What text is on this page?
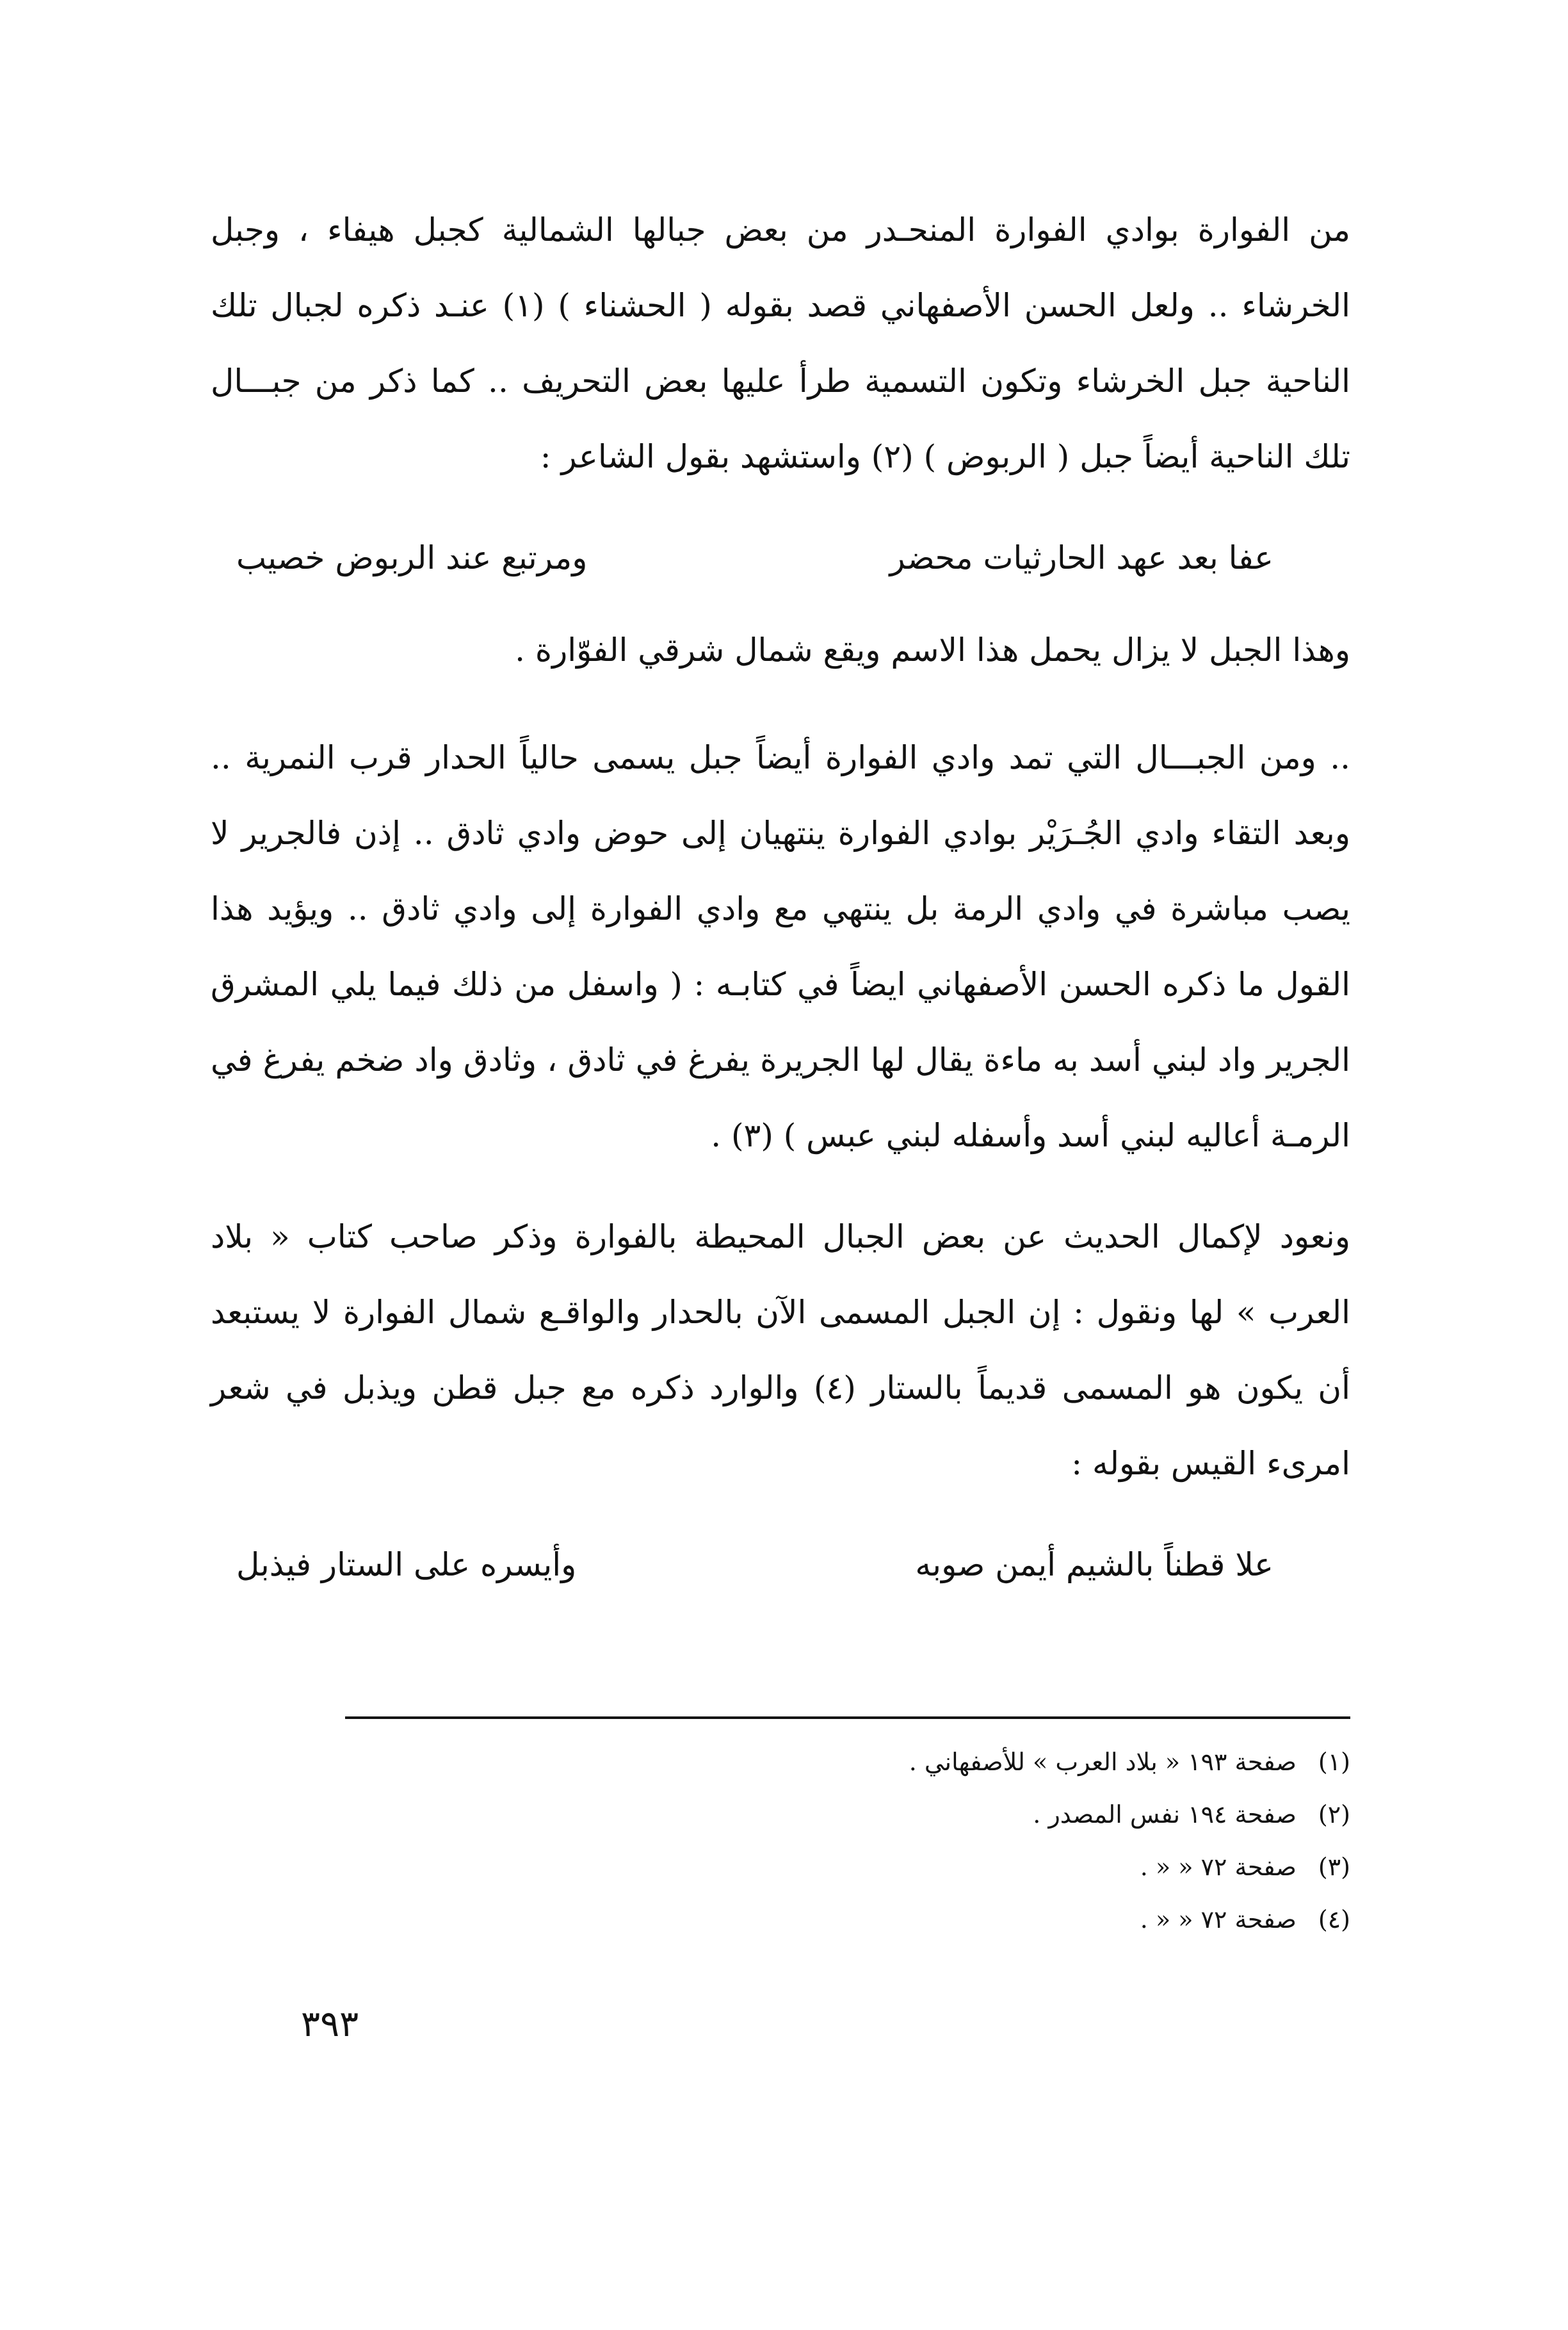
من الفوارة بوادي الفوارة المنحـدر من بعض جبالها الشمالية كجبل هيفاء ، وجبل الخرشاء .. ولعل الحسن الأصفهاني قصد بقوله ( الحشناء ) (١) عنـد ذكره لجبال تلك الناحية جبل الخرشاء وتكون التسمية طرأ عليها بعض التحريف .. كما ذكر من جبـــال تلك الناحية أيضاً جبل ( الربوض ) (٢) واستشهد بقول الشاعر :

عفا بعد عهد الحارثيات محضر
ومرتبع عند الربوض خصيب

وهذا الجبل لا يزال يحمل هذا الاسم ويقع شمال شرقي الفوّارة .

.. ومن الجبـــال التي تمد وادي الفوارة أيضاً جبل يسمى حالياً الحدار قرب النمرية .. وبعد التقاء وادي الجُـرَيْر بوادي الفوارة ينتهيان إلى حوض وادي ثادق .. إذن فالجرير لا يصب مباشرة في وادي الرمة بل ينتهي مع وادي الفوارة إلى وادي ثادق .. ويؤيد هذا القول ما ذكره الحسن الأصفهاني ايضاً في كتابـه : ( واسفل من ذلك فيما يلي المشرق الجرير واد لبني أسد به ماءة يقال لها الجريرة يفرغ في ثادق ، وثادق واد ضخم يفرغ في الرمـة أعاليه لبني أسد وأسفله لبني عبس ) (٣) .

ونعود لإكمال الحديث عن بعض الجبال المحيطة بالفوارة وذكر صاحب كتاب « بلاد العرب » لها ونقول : إن الجبل المسمى الآن بالحدار والواقـع شمال الفوارة لا يستبعد أن يكون هو المسمى قديماً بالستار (٤) والوارد ذكره مع جبل قطن ويذبل في شعر امرىء القيس بقوله :

علا قطناً بالشيم أيمن صوبه
وأيسره على الستار فيذبل
(١)
صفحة ١٩٣ « بلاد العرب » للأصفهاني .
(٢)
صفحة ١٩٤ نفس المصدر .
(٣)
صفحة ٧٢ « « .
(٤)
صفحة ٧٢ « « .
٣٩٣
